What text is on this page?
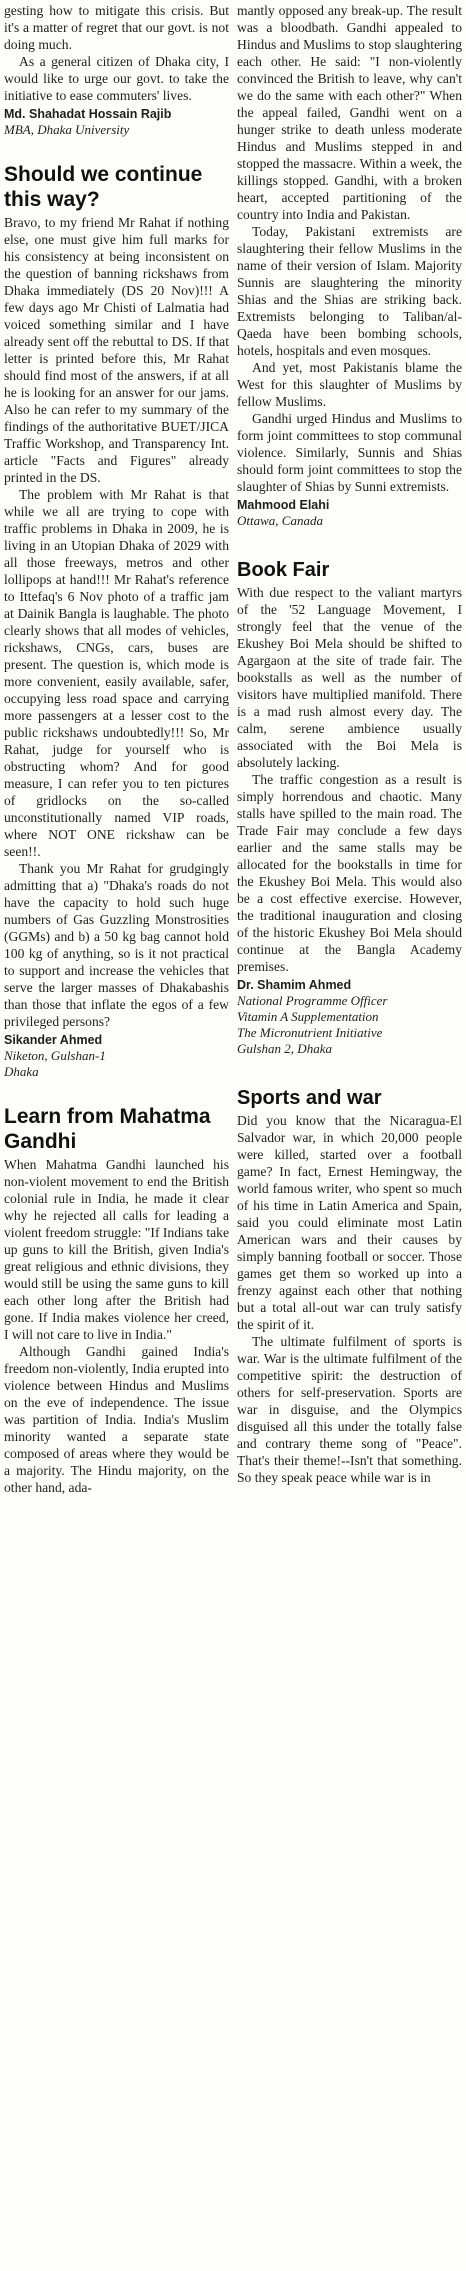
gesting how to mitigate this crisis. But it's a matter of regret that our govt. is not doing much.

As a general citizen of Dhaka city, I would like to urge our govt. to take the initiative to ease commuters' lives.

Md. Shahadat Hossain Rajib
MBA, Dhaka University
Should we continue this way?

Bravo, to my friend Mr Rahat if nothing else, one must give him full marks for his consistency at being inconsistent on the question of banning rickshaws from Dhaka immediately (DS 20 Nov)!!! A few days ago Mr Chisti of Lalmatia had voiced something similar and I have already sent off the rebuttal to DS. If that letter is printed before this, Mr Rahat should find most of the answers, if at all he is looking for an answer for our jams. Also he can refer to my summary of the findings of the authoritative BUET/JICA Traffic Workshop, and Transparency Int. article "Facts and Figures" already printed in the DS.

The problem with Mr Rahat is that while we all are trying to cope with traffic problems in Dhaka in 2009, he is living in an Utopian Dhaka of 2029 with all those freeways, metros and other lollipops at hand!!! Mr Rahat's reference to Ittefaq's 6 Nov photo of a traffic jam at Dainik Bangla is laughable. The photo clearly shows that all modes of vehicles, rickshaws, CNGs, cars, buses are present. The question is, which mode is more convenient, easily available, safer, occupying less road space and carrying more passengers at a lesser cost to the public rickshaws undoubtedly!!! So, Mr Rahat, judge for yourself who is obstructing whom? And for good measure, I can refer you to ten pictures of gridlocks on the so-called unconstitutionally named VIP roads, where NOT ONE rickshaw can be seen!!.

Thank you Mr Rahat for grudgingly admitting that a) "Dhaka's roads do not have the capacity to hold such huge numbers of Gas Guzzling Monstrosities (GGMs) and b) a 50 kg bag cannot hold 100 kg of anything, so is it not practical to support and increase the vehicles that serve the larger masses of Dhakabashis than those that inflate the egos of a few privileged persons?

Sikander Ahmed
Niketon, Gulshan-1
Dhaka
Learn from Mahatma Gandhi

When Mahatma Gandhi launched his non-violent movement to end the British colonial rule in India, he made it clear why he rejected all calls for leading a violent freedom struggle: "If Indians take up guns to kill the British, given India's great religious and ethnic divisions, they would still be using the same guns to kill each other long after the British had gone. If India makes violence her creed, I will not care to live in India."

Although Gandhi gained India's freedom non-violently, India erupted into violence between Hindus and Muslims on the eve of independence. The issue was partition of India. India's Muslim minority wanted a separate state composed of areas where they would be a majority. The Hindu majority, on the other hand, ada-

mantly opposed any break-up. The result was a bloodbath. Gandhi appealed to Hindus and Muslims to stop slaughtering each other. He said: "I non-violently convinced the British to leave, why can't we do the same with each other?" When the appeal failed, Gandhi went on a hunger strike to death unless moderate Hindus and Muslims stepped in and stopped the massacre. Within a week, the killings stopped. Gandhi, with a broken heart, accepted partitioning of the country into India and Pakistan.

Today, Pakistani extremists are slaughtering their fellow Muslims in the name of their version of Islam. Majority Sunnis are slaughtering the minority Shias and the Shias are striking back. Extremists belonging to Taliban/al-Qaeda have been bombing schools, hotels, hospitals and even mosques.

And yet, most Pakistanis blame the West for this slaughter of Muslims by fellow Muslims.

Gandhi urged Hindus and Muslims to form joint committees to stop communal violence. Similarly, Sunnis and Shias should form joint committees to stop the slaughter of Shias by Sunni extremists.

Mahmood Elahi
Ottawa, Canada
Book Fair

With due respect to the valiant martyrs of the '52 Language Movement, I strongly feel that the venue of the Ekushey Boi Mela should be shifted to Agargaon at the site of trade fair. The bookstalls as well as the number of visitors have multiplied manifold. There is a mad rush almost every day. The calm, serene ambience usually associated with the Boi Mela is absolutely lacking.

The traffic congestion as a result is simply horrendous and chaotic. Many stalls have spilled to the main road. The Trade Fair may conclude a few days earlier and the same stalls may be allocated for the bookstalls in time for the Ekushey Boi Mela. This would also be a cost effective exercise. However, the traditional inauguration and closing of the historic Ekushey Boi Mela should continue at the Bangla Academy premises.

Dr. Shamim Ahmed
National Programme Officer
Vitamin A Supplementation
The Micronutrient Initiative
Gulshan 2, Dhaka
Sports and war

Did you know that the Nicaragua-El Salvador war, in which 20,000 people were killed, started over a football game? In fact, Ernest Hemingway, the world famous writer, who spent so much of his time in Latin America and Spain, said you could eliminate most Latin American wars and their causes by simply banning football or soccer. Those games get them so worked up into a frenzy against each other that nothing but a total all-out war can truly satisfy the spirit of it.

The ultimate fulfilment of sports is war. War is the ultimate fulfilment of the competitive spirit: the destruction of others for self-preservation. Sports are war in disguise, and the Olympics disguised all this under the totally false and contrary theme song of "Peace". That's their theme!--Isn't that something. So they speak peace while war is in
